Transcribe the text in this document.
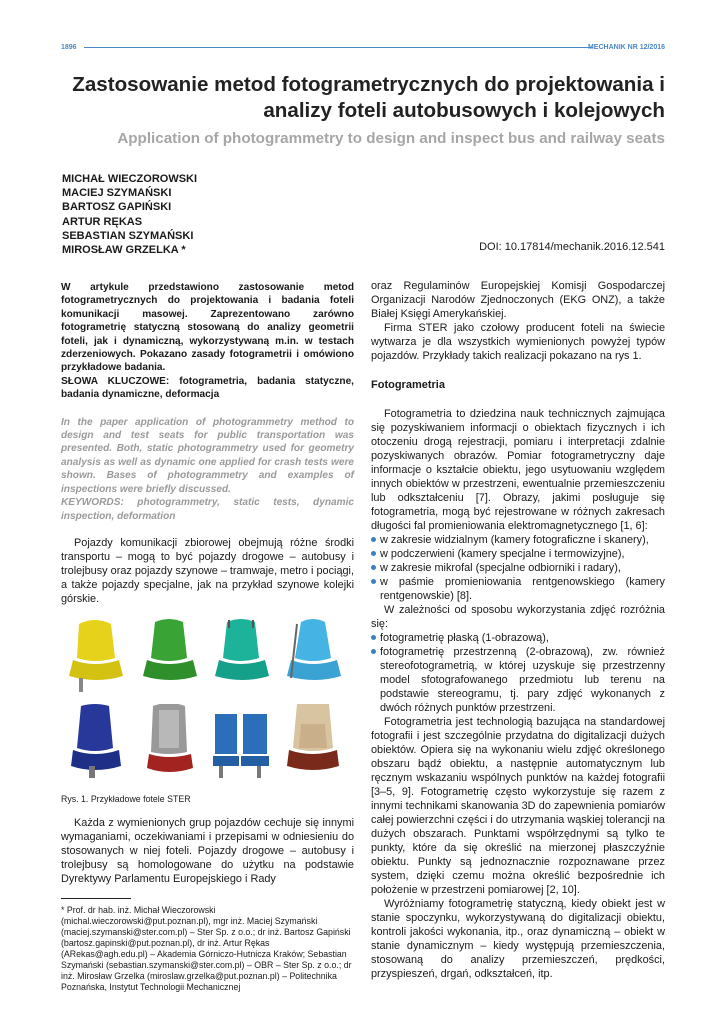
1896	MECHANIK NR 12/2016
Zastosowanie metod fotogrametrycznych do projektowania i analizy foteli autobusowych i kolejowych
Application of photogrammetry to design and inspect bus and railway seats
MICHAŁ WIECZOROWSKI
MACIEJ SZYMAŃSKI
BARTOSZ GAPIŃSKI
ARTUR RĘKAS
SEBASTIAN SZYMAŃSKI
MIROSŁAW GRZELKA *	DOI: 10.17814/mechanik.2016.12.541

W artykule przedstawiono zastosowanie metod fotogrametrycznych do projektowania i badania foteli komunikacji masowej. Zaprezentowano zarówno fotogrametrię statyczną stosowaną do analizy geometrii foteli, jak i dynamiczną, wykorzystywaną m.in. w testach zderzeniowych. Pokazano zasady fotogrametrii i omówiono przykładowe badania.
SŁOWA KLUCZOWE: fotogrametria, badania statyczne, badania dynamiczne, deformacja

In the paper application of photogrammetry method to design and test seats for public transportation was presented. Both, static photogrammetry used for geometry analysis as well as dynamic one applied for crash tests were shown. Bases of photogrammetry and examples of inspections were briefly discussed.
KEYWORDS: photogrammetry, static tests, dynamic inspection, deformation

Pojazdy komunikacji zbiorowej obejmują różne środki transportu – mogą to być pojazdy drogowe – autobusy i trolejbusy oraz pojazdy szynowe – tramwaje, metro i pociągi, a także pojazdy specjalne, jak na przykład szynowe kolejki górskie.

Rys. 1. Przykładowe fotele STER

Każda z wymienionych grup pojazdów cechuje się innymi wymaganiami, oczekiwaniami i przepisami w odniesieniu do stosowanych w niej foteli. Pojazdy drogowe – autobusy i trolejbusy są homologowane do użytku na podstawie Dyrektywy Parlamentu Europejskiego i Rady

* Prof. dr hab. inż. Michał Wieczorowski (michal.wieczorowski@put.poznan.pl), mgr inż. Maciej Szymański (maciej.szymanski@ster.com.pl) – Ster Sp. z o.o.; dr inż. Bartosz Gapiński (bartosz.gapinski@put.poznan.pl), dr inż. Artur Rękas (ARekas@agh.edu.pl) – Akademia Górniczo-Hutnicza Kraków; Sebastian Szymański (sebastian.szymanski@ster.com.pl) – OBR – Ster Sp. z o.o.; dr inż. Mirosław Grzelka (miroslaw.grzelka@put.poznan.pl) – Politechnika Poznańska, Instytut Technologii Mechanicznej

oraz Regulaminów Europejskiej Komisji Gospodarczej Organizacji Narodów Zjednoczonych (EKG ONZ), a także Białej Księgi Amerykańskiej.

Firma STER jako czołowy producent foteli na świecie wytwarza je dla wszystkich wymienionych powyżej typów pojazdów. Przykłady takich realizacji pokazano na rys 1.

Fotogrametria

Fotogrametria to dziedzina nauk technicznych zajmująca się pozyskiwaniem informacji o obiektach fizycznych i ich otoczeniu drogą rejestracji, pomiaru i interpretacji zdalnie pozyskiwanych obrazów. Pomiar fotogrametryczny daje informacje o kształcie obiektu, jego usytuowaniu względem innych obiektów w przestrzeni, ewentualnie przemieszczeniu lub odkształceniu [7]. Obrazy, jakimi posługuje się fotogrametria, mogą być rejestrowane w różnych zakresach długości fal promieniowania elektromagnetycznego [1, 6]:

w zakresie widzialnym (kamery fotograficzne i skanery),
w podczerwieni (kamery specjalne i termowizyjne),
w zakresie mikrofal (specjalne odbiorniki i radary),
w paśmie promieniowania rentgenowskiego (kamery rentgenowskie) [8].

W zależności od sposobu wykorzystania zdjęć rozróżnia się:

fotogrametrię płaską (1-obrazową),
fotogrametrię przestrzenną (2-obrazową), zw. również stereofotogrametrią, w której uzyskuje się przestrzenny model sfotografowanego przedmiotu lub terenu na podstawie stereogramu, tj. pary zdjęć wykonanych z dwóch różnych punktów przestrzeni.

Fotogrametria jest technologią bazująca na standardowej fotografii i jest szczególnie przydatna do digitalizacji dużych obiektów. Opiera się na wykonaniu wielu zdjęć określonego obszaru bądź obiektu, a następnie automatycznym lub ręcznym wskazaniu wspólnych punktów na każdej fotografii [3–5, 9]. Fotogrametrię często wykorzystuje się razem z innymi technikami skanowania 3D do zapewnienia pomiarów całej powierzchni części i do utrzymania wąskiej tolerancji na dużych obszarach. Punktami współrzędnymi są tylko te punkty, które da się określić na mierzonej płaszczyźnie obiektu. Punkty są jednoznacznie rozpoznawane przez system, dzięki czemu można określić bezpośrednie ich położenie w przestrzeni pomiarowej [2, 10].

Wyróżniamy fotogrametrię statyczną, kiedy obiekt jest w stanie spoczynku, wykorzystywaną do digitalizacji obiektu, kontroli jakości wykonania, itp., oraz dynamiczną – obiekt w stanie dynamicznym – kiedy występują przemieszczenia, stosowaną do analizy przemieszczeń, prędkości, przyspieszeń, drgań, odkształceń, itp.
